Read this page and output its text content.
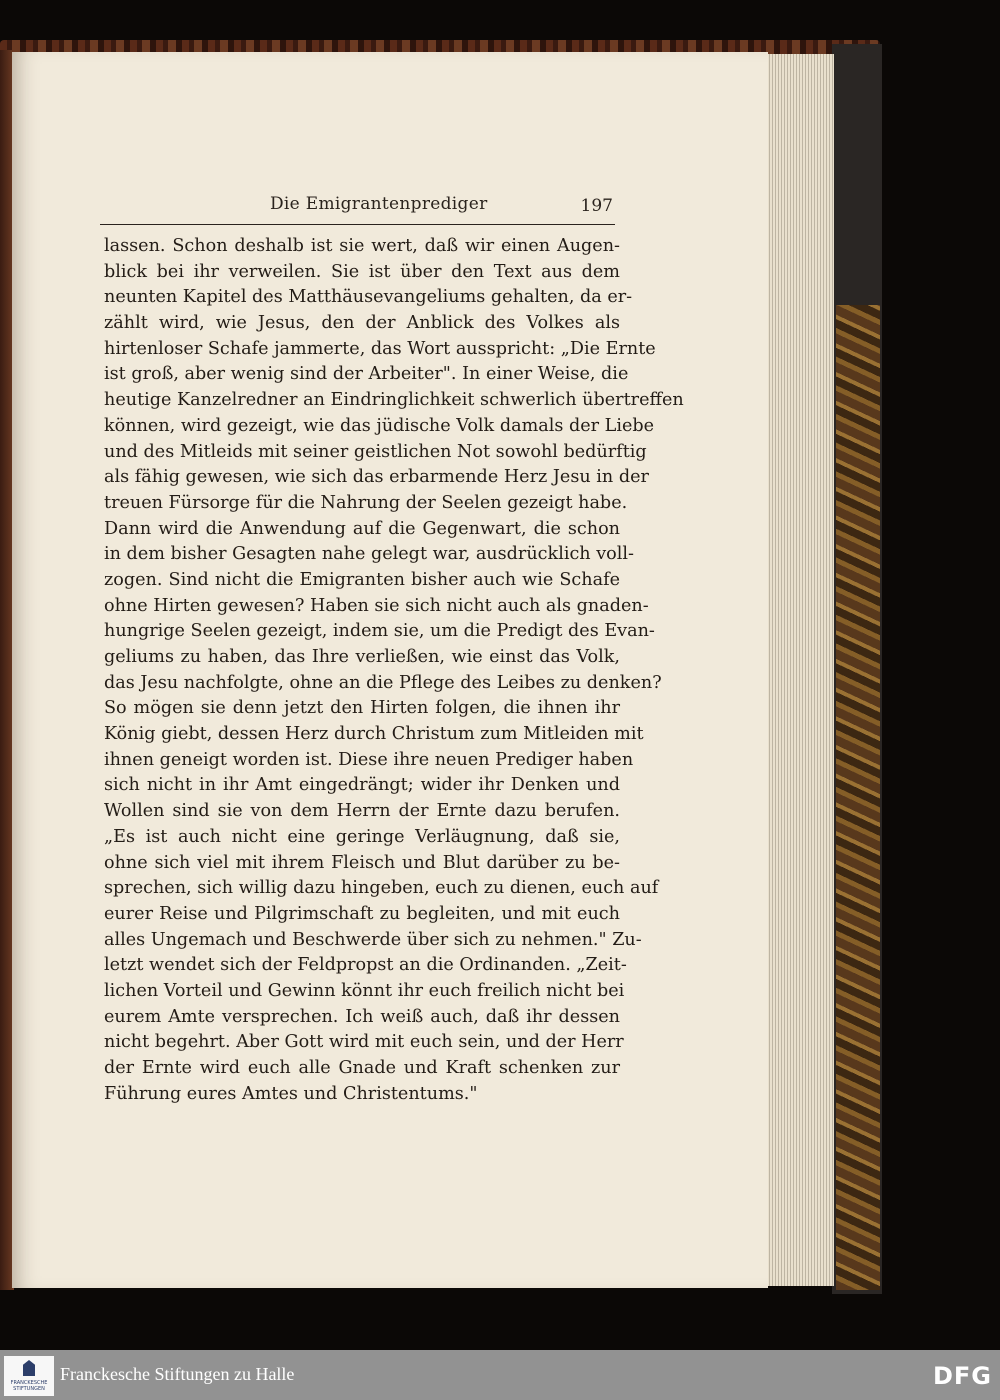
Die Emigrantenprediger	197
lassen. Schon deshalb ist sie wert, daß wir einen Augen-
blick bei ihr verweilen. Sie ist über den Text aus dem
neunten Kapitel des Matthäusevangeliums gehalten, da er-
zählt wird, wie Jesus, den der Anblick des Volkes als
hirtenloser Schafe jammerte, das Wort ausspricht: „Die Ernte
ist groß, aber wenig sind der Arbeiter". In einer Weise, die
heutige Kanzelredner an Eindringlichkeit schwerlich übertreffen
können, wird gezeigt, wie das jüdische Volk damals der Liebe
und des Mitleids mit seiner geistlichen Not sowohl bedürftig
als fähig gewesen, wie sich das erbarmende Herz Jesu in der
treuen Fürsorge für die Nahrung der Seelen gezeigt habe.
Dann wird die Anwendung auf die Gegenwart, die schon
in dem bisher Gesagten nahe gelegt war, ausdrücklich voll-
zogen. Sind nicht die Emigranten bisher auch wie Schafe
ohne Hirten gewesen? Haben sie sich nicht auch als gnaden-
hungrige Seelen gezeigt, indem sie, um die Predigt des Evan-
geliums zu haben, das Ihre verließen, wie einst das Volk,
das Jesu nachfolgte, ohne an die Pflege des Leibes zu denken?
So mögen sie denn jetzt den Hirten folgen, die ihnen ihr
König giebt, dessen Herz durch Christum zum Mitleiden mit
ihnen geneigt worden ist. Diese ihre neuen Prediger haben
sich nicht in ihr Amt eingedrängt; wider ihr Denken und
Wollen sind sie von dem Herrn der Ernte dazu berufen.
„Es ist auch nicht eine geringe Verläugnung, daß sie,
ohne sich viel mit ihrem Fleisch und Blut darüber zu be-
sprechen, sich willig dazu hingeben, euch zu dienen, euch auf
eurer Reise und Pilgrimschaft zu begleiten, und mit euch
alles Ungemach und Beschwerde über sich zu nehmen." Zu-
letzt wendet sich der Feldpropst an die Ordinanden. „Zeit-
lichen Vorteil und Gewinn könnt ihr euch freilich nicht bei
eurem Amte versprechen. Ich weiß auch, daß ihr dessen
nicht begehrt. Aber Gott wird mit euch sein, und der Herr
der Ernte wird euch alle Gnade und Kraft schenken zur
Führung eures Amtes und Christentums."
FRANCKESCHE STIFTUNGEN
Franckesche Stiftungen zu Halle	DFG
